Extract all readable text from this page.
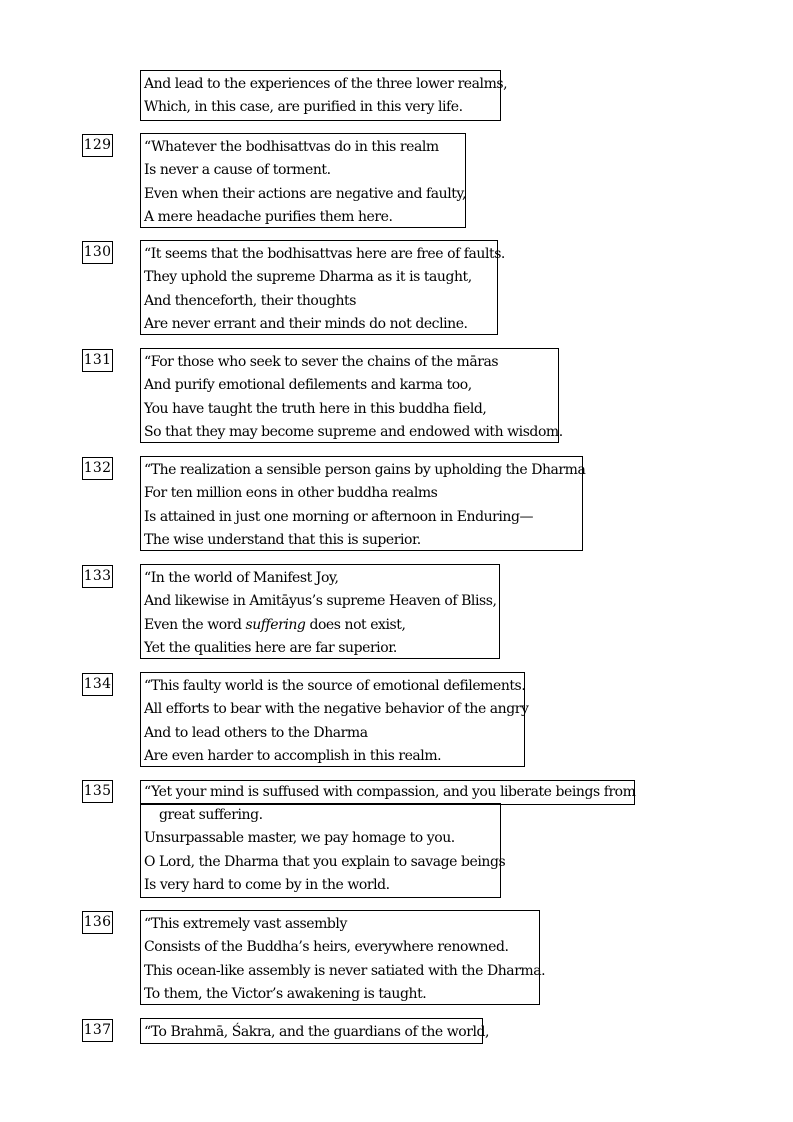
And lead to the experiences of the three lower realms,
Which, in this case, are purified in this very life.
129 “Whatever the bodhisattvas do in this realm
Is never a cause of torment.
Even when their actions are negative and faulty,
A mere headache purifies them here.
130 “It seems that the bodhisattvas here are free of faults.
They uphold the supreme Dharma as it is taught,
And thenceforth, their thoughts
Are never errant and their minds do not decline.
131 “For those who seek to sever the chains of the māras
And purify emotional defilements and karma too,
You have taught the truth here in this buddha field,
So that they may become supreme and endowed with wisdom.
132 “The realization a sensible person gains by upholding the Dharma
For ten million eons in other buddha realms
Is attained in just one morning or afternoon in Enduring—
The wise understand that this is superior.
133 “In the world of Manifest Joy,
And likewise in Amitāyus’s supreme Heaven of Bliss,
Even the word suffering does not exist,
Yet the qualities here are far superior.
134 “This faulty world is the source of emotional defilements.
All efforts to bear with the negative behavior of the angry
And to lead others to the Dharma
Are even harder to accomplish in this realm.
135 “Yet your mind is suffused with compassion, and you liberate beings from
great suffering.
Unsurpassable master, we pay homage to you.
O Lord, the Dharma that you explain to savage beings
Is very hard to come by in the world.
136 “This extremely vast assembly
Consists of the Buddha’s heirs, everywhere renowned.
This ocean-like assembly is never satiated with the Dharma.
To them, the Victor’s awakening is taught.
137 “To Brahmā, Śakra, and the guardians of the world,
